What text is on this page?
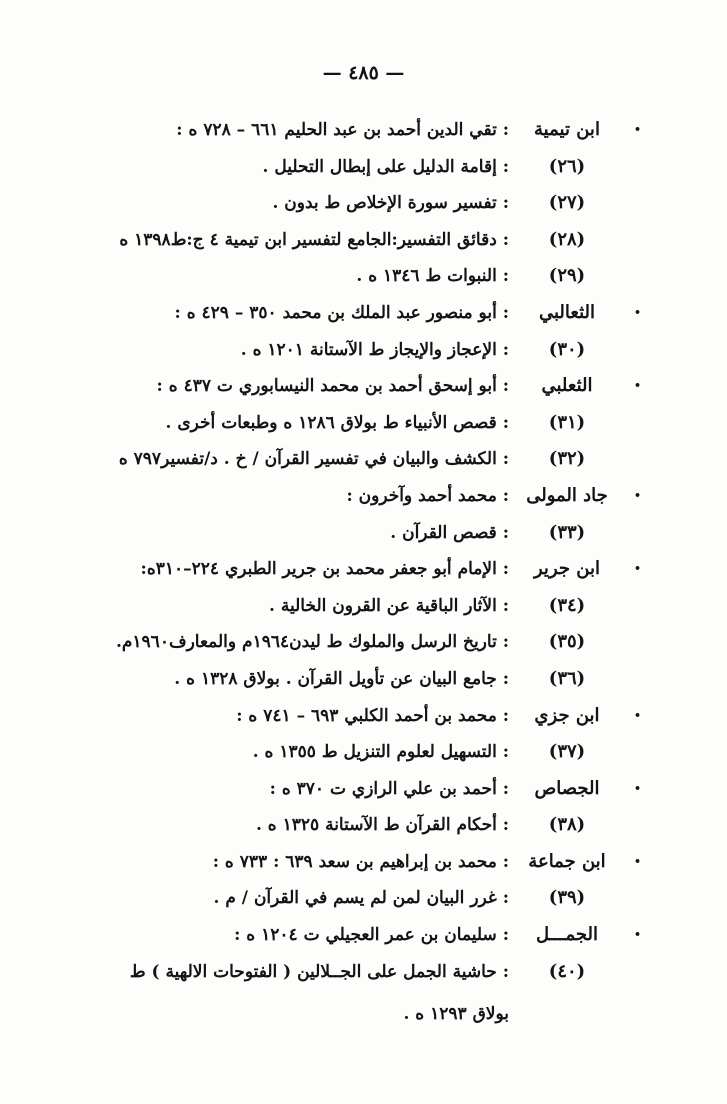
— ٤٨٥ —
• ابن تيمية
: تقي الدين أحمد بن عبد الحليم ٦٦١ – ٧٢٨ ه :
(٢٦)
: إقامة الدليل على إبطال التحليل .
(٢٧)
: تفسير سورة الإخلاص ط بدون .
(٢٨)
: دقائق التفسير:الجامع لتفسير ابن تيمية ٤ ج:ط١٣٩٨ ه
(٢٩)
: النبوات ط ١٣٤٦ ه .
• الثعالبي
: أبو منصور عبد الملك بن محمد ٣٥٠ – ٤٢٩ ه :
(٣٠)
: الإعجاز والإيجاز ط الآستانة ١٢٠١ ه .
• الثعلبي
: أبو إسحق أحمد بن محمد النيسابوري ت ٤٣٧ ه :
(٣١)
: قصص الأنبياء ط بولاق ١٢٨٦ ه وطبعات أخرى .
(٣٢)
: الكشف والبيان في تفسير القرآن / خ . د/تفسير٧٩٧ ه
• جاد المولى
: محمد أحمد وآخرون :
(٣٣)
: قصص القرآن .
• ابن جرير
: الإمام أبو جعفر محمد بن جرير الطبري ٢٢٤–٣١٠ه:
(٣٤)
: الآثار الباقية عن القرون الخالية .
(٣٥)
: تاريخ الرسل والملوك ط ليدن١٩٦٤م والمعارف١٩٦٠م.
(٣٦)
: جامع البيان عن تأويل القرآن . بولاق ١٣٢٨ ه .
• ابن جزي
: محمد بن أحمد الكلبي ٦٩٣ – ٧٤١ ه :
(٣٧)
: التسهيل لعلوم التنزيل ط ١٣٥٥ ه .
• الجصاص
: أحمد بن علي الرازي ت ٣٧٠ ه :
(٣٨)
: أحكام القرآن ط الآستانة ١٣٢٥ ه .
• ابن جماعة
: محمد بن إبراهيم بن سعد ٦٣٩ : ٧٣٣ ه :
(٣٩)
: غرر البيان لمن لم يسم في القرآن / م .
• الجمـــل
: سليمان بن عمر العجيلي ت ١٢٠٤ ه :
(٤٠)
: حاشية الجمل على الجــلالين ( الفتوحات الالهية ) ط
بولاق ١٢٩٣ ه .
